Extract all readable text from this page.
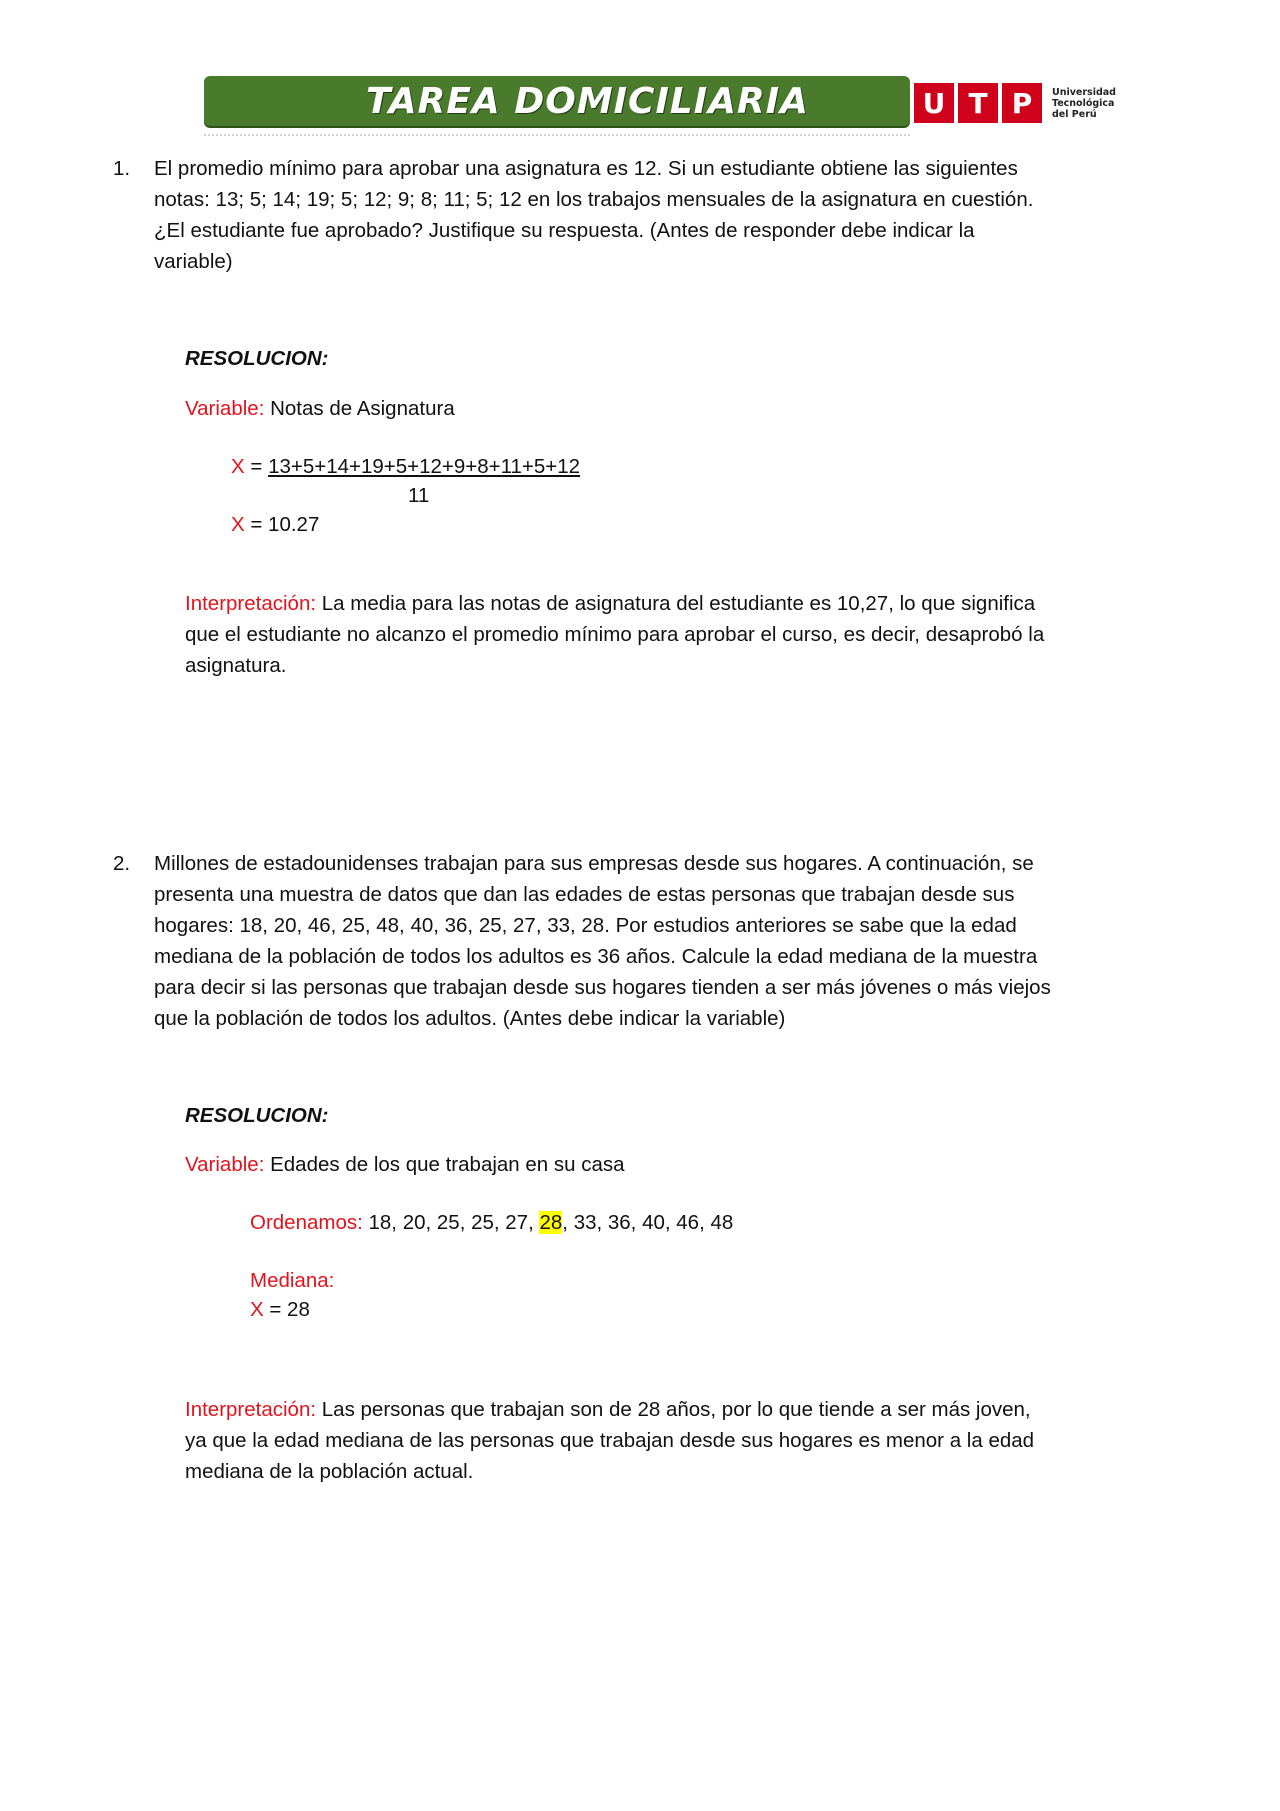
TAREA DOMICILIARIA	U T P	Universidad
Tecnológica
del Perú
1. El promedio mínimo para aprobar una asignatura es 12. Si un estudiante obtiene las siguientes
notas: 13; 5; 14; 19; 5; 12; 9; 8; 11; 5; 12 en los trabajos mensuales de la asignatura en cuestión.
¿El estudiante fue aprobado? Justifique su respuesta. (Antes de responder debe indicar la
variable)
RESOLUCION:
Variable: Notas de Asignatura
X = 13+5+14+19+5+12+9+8+11+5+12
11
X = 10.27
Interpretación: La media para las notas de asignatura del estudiante es 10,27, lo que significa
que el estudiante no alcanzo el promedio mínimo para aprobar el curso, es decir, desaprobó la
asignatura.
2. Millones de estadounidenses trabajan para sus empresas desde sus hogares. A continuación, se
presenta una muestra de datos que dan las edades de estas personas que trabajan desde sus
hogares: 18, 20, 46, 25, 48, 40, 36, 25, 27, 33, 28. Por estudios anteriores se sabe que la edad
mediana de la población de todos los adultos es 36 años. Calcule la edad mediana de la muestra
para decir si las personas que trabajan desde sus hogares tienden a ser más jóvenes o más viejos
que la población de todos los adultos. (Antes debe indicar la variable)
RESOLUCION:
Variable: Edades de los que trabajan en su casa
Ordenamos: 18, 20, 25, 25, 27, 28, 33, 36, 40, 46, 48
Mediana:
X = 28
Interpretación: Las personas que trabajan son de 28 años, por lo que tiende a ser más joven,
ya que la edad mediana de las personas que trabajan desde sus hogares es menor a la edad
mediana de la población actual.
